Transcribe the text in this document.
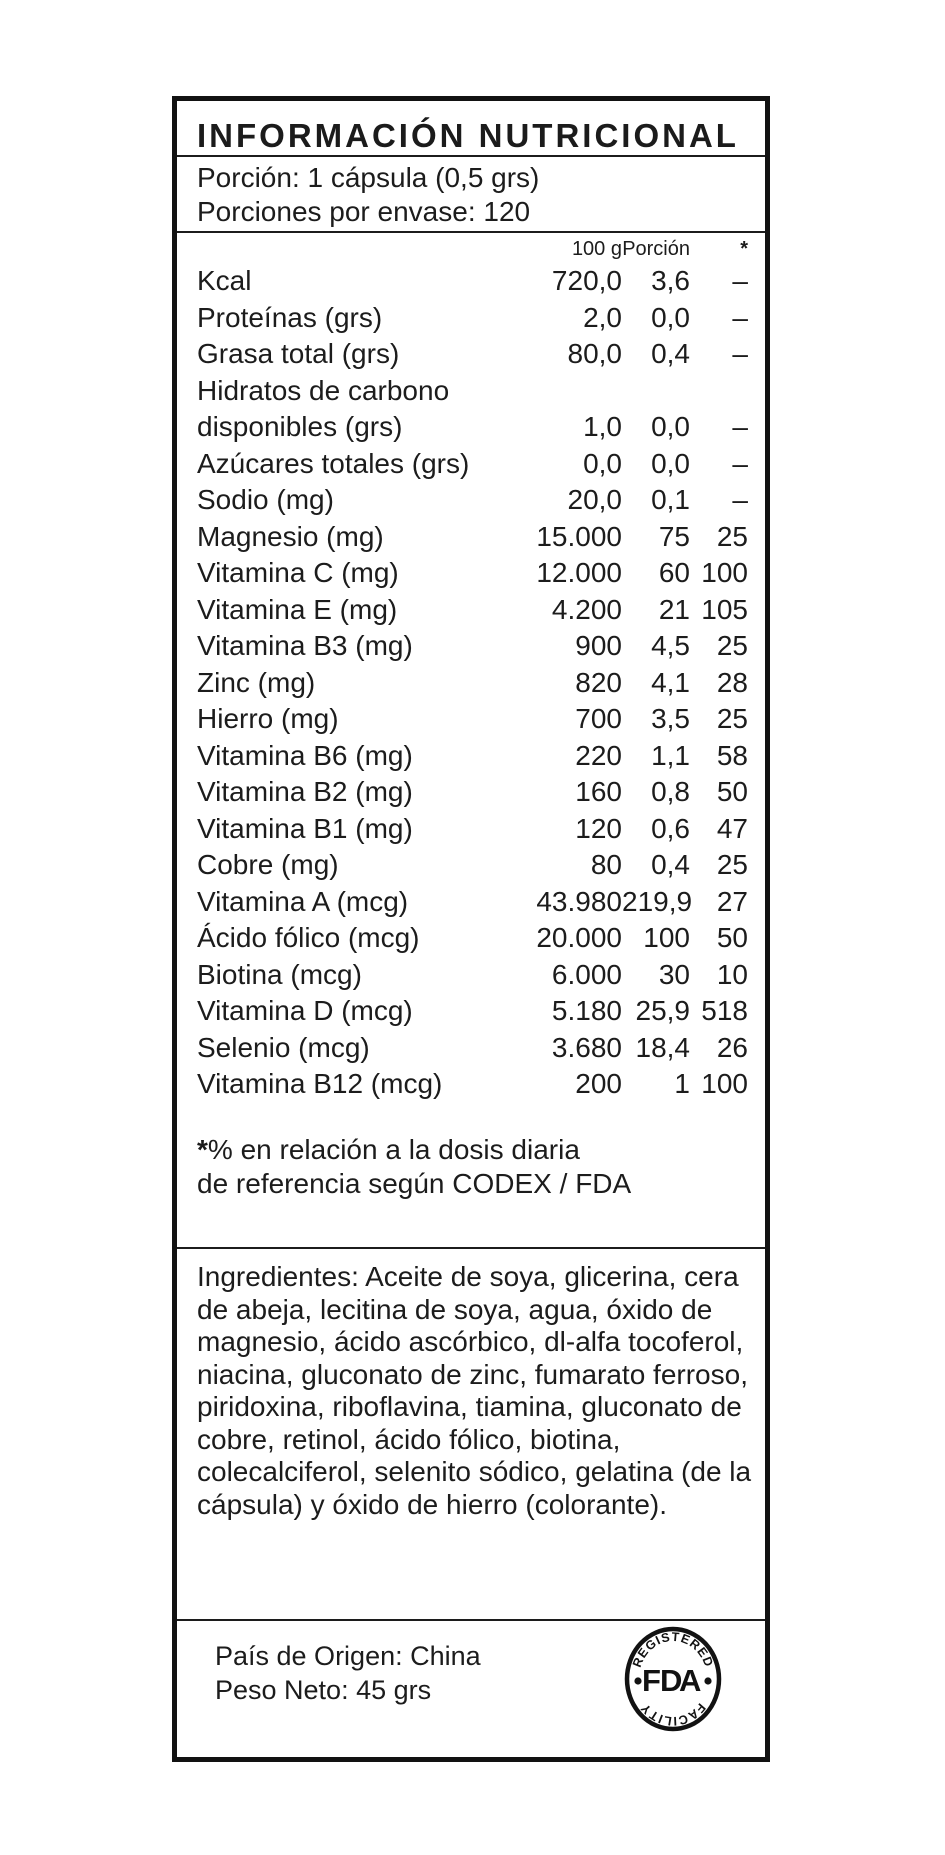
INFORMACIÓN NUTRICIONAL
Porción: 1 cápsula (0,5 grs)
Porciones por envase: 120
100 g Porción	*
Kcal	720,0	3,6	–
Proteínas (grs)	2,0	0,0	–
Grasa total (grs)	80,0	0,4	–
Hidratos de carbono
disponibles (grs)	1,0	0,0	–
Azúcares totales (grs)	0,0	0,0	–
Sodio (mg)	20,0	0,1	–
Magnesio (mg)	15.000	75 25
Vitamina C (mg)	12.000	60 100
Vitamina E (mg)	4.200	21 105
Vitamina B3 (mg)	900	4,5 25
Zinc (mg)	820	4,1 28
Hierro (mg)	700	3,5 25
Vitamina B6 (mg)	220	1,1 58
Vitamina B2 (mg)	160	0,8 50
Vitamina B1 (mg)	120	0,6 47
Cobre (mg)	80	0,4 25
Vitamina A (mcg)	43.980 219,9 27
Ácido fólico (mcg)	20.000 100 50
Biotina (mcg)	6.000	30 10
Vitamina D (mcg)	5.180 25,9 518
Selenio (mcg)	3.680 18,4 26
Vitamina B12 (mcg)	200	1 100
*% en relación a la dosis diaria
de referencia según CODEX / FDA
Ingredientes: Aceite de soya, glicerina, cera de abeja, lecitina de soya, agua, óxido de magnesio, ácido ascórbico, dl-alfa tocoferol, niacina, gluconato de zinc, fumarato ferroso, piridoxina, riboflavina, tiamina, gluconato de cobre, retinol, ácido fólico, biotina, colecalciferol, selenito sódico, gelatina (de la cápsula) y óxido de hierro (colorante).
País de Origen: China
Peso Neto: 45 grs
REGISTERED
FACILITY
F D
A
